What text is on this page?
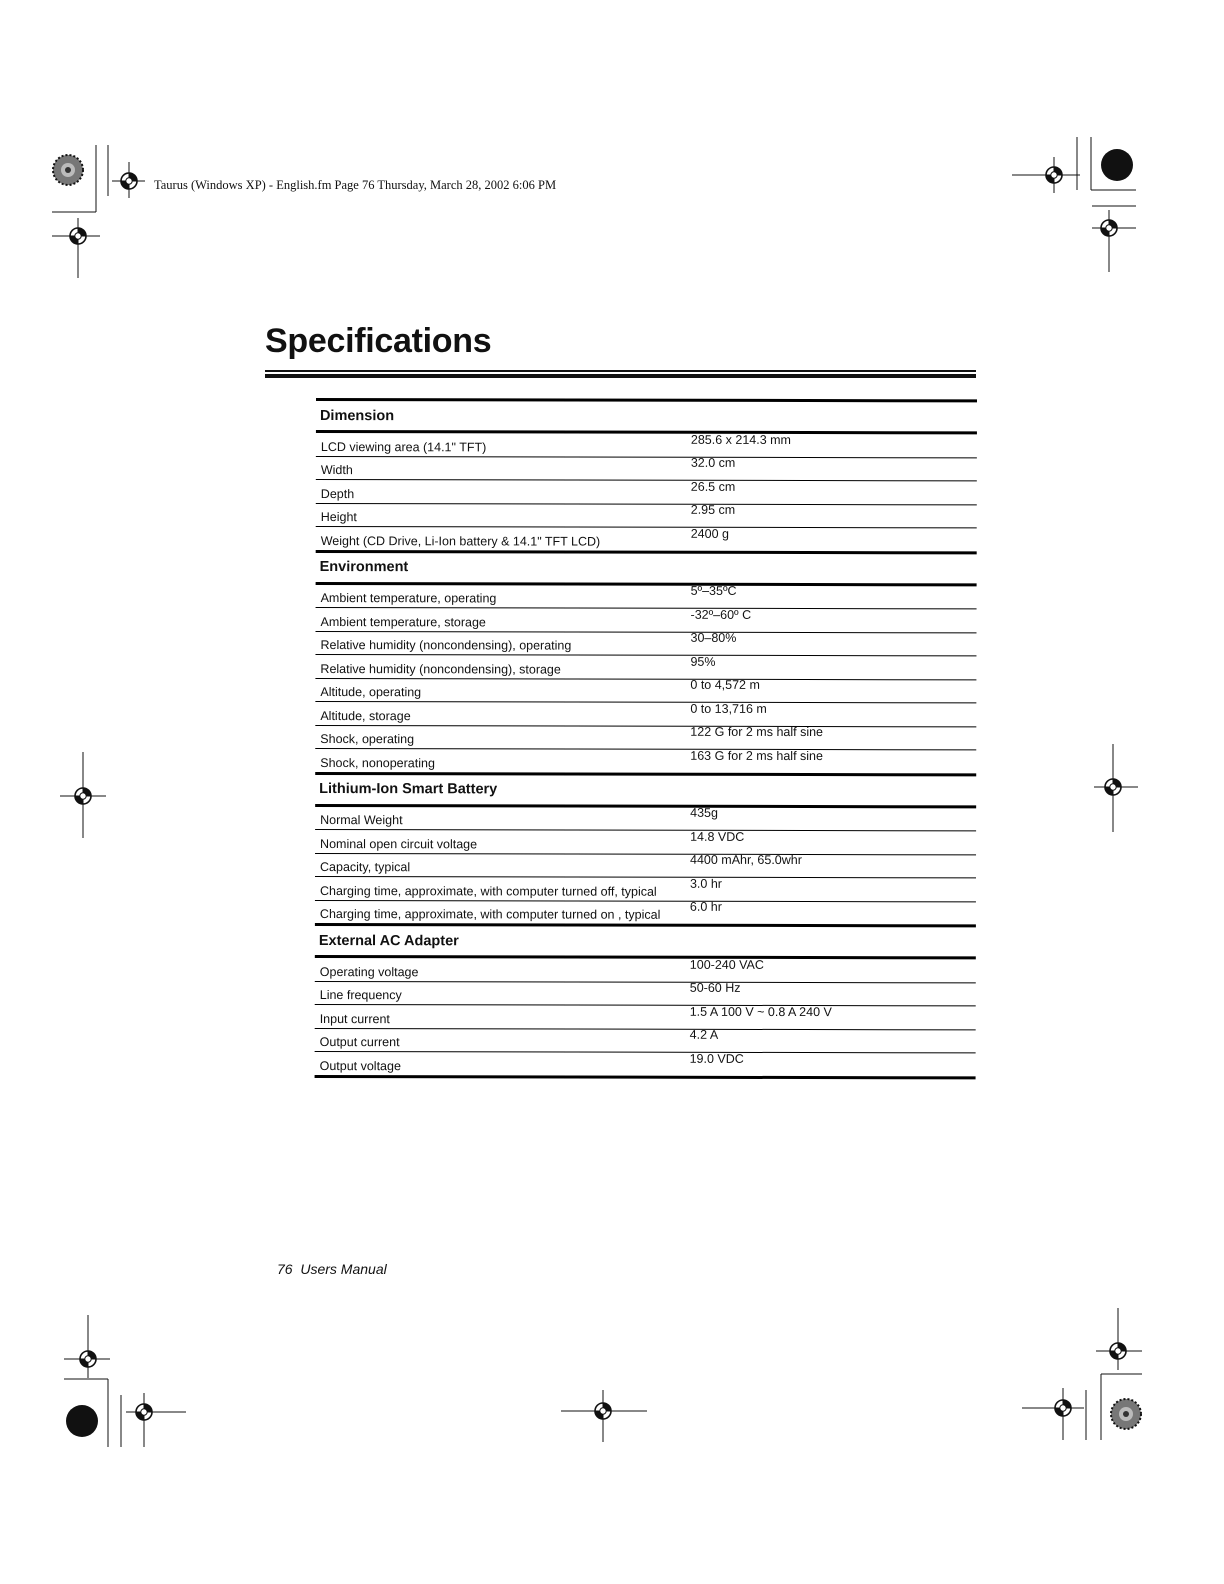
Taurus (Windows XP) - English.fm Page 76 Thursday, March 28, 2002 6:06 PM
Specifications
Dimension
LCD viewing area (14.1" TFT)
285.6 x 214.3 mm
Width
32.0 cm
Depth
26.5 cm
Height
2.95 cm
Weight (CD Drive, Li-Ion battery & 14.1" TFT LCD)
2400 g
Environment
Ambient temperature, operating
5º–35ºC
Ambient temperature, storage
-32º–60º C
Relative humidity (noncondensing), operating
30–80%
Relative humidity (noncondensing), storage
95%
Altitude, operating
0 to 4,572 m
Altitude, storage
0 to 13,716 m
Shock, operating
122 G for 2 ms half sine
Shock, nonoperating
163 G for 2 ms half sine
Lithium-Ion Smart Battery
Normal Weight
435g
Nominal open circuit voltage
14.8 VDC
Capacity, typical
4400 mAhr, 65.0whr
Charging time, approximate, with computer turned off, typical
3.0 hr
Charging time, approximate, with computer turned on , typical
6.0 hr
External AC Adapter
Operating voltage
100-240 VAC
Line frequency
50-60 Hz
Input current
1.5 A 100 V ~ 0.8 A 240 V
Output current
4.2 A
Output voltage
19.0 VDC
76 Users Manual
